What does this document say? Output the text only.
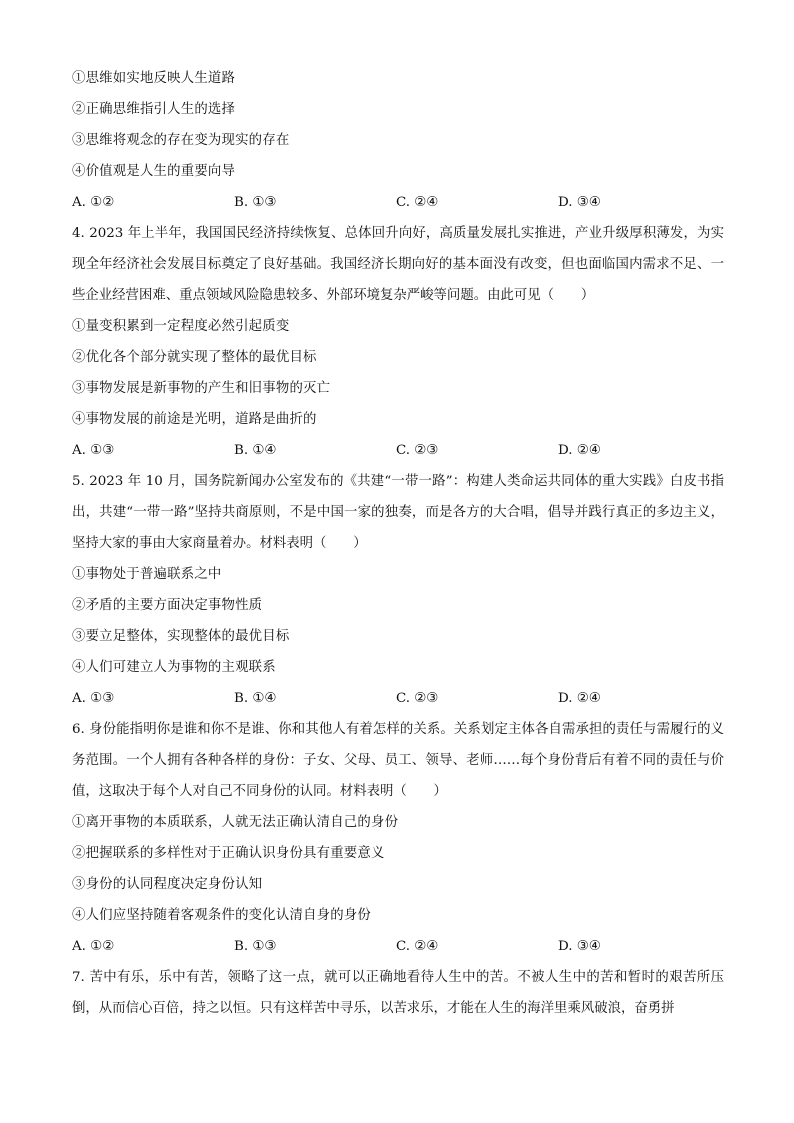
①思维如实地反映人生道路
②正确思维指引人生的选择
③思维将观念的存在变为现实的存在
④价值观是人生的重要向导
A. ①②	B. ①③	C. ②④	D. ③④
4. 2023 年上半年，我国国民经济持续恢复、总体回升向好，高质量发展扎实推进，产业升级厚积薄发，为实现全年经济社会发展目标奠定了良好基础。我国经济长期向好的基本面没有改变，但也面临国内需求不足、一些企业经营困难、重点领域风险隐患较多、外部环境复杂严峻等问题。由此可见（　　）
①量变积累到一定程度必然引起质变
②优化各个部分就实现了整体的最优目标
③事物发展是新事物的产生和旧事物的灭亡
④事物发展的前途是光明，道路是曲折的
A. ①③	B. ①④	C. ②③	D. ②④
5. 2023 年 10 月，国务院新闻办公室发布的《共建“一带一路”：构建人类命运共同体的重大实践》白皮书指出，共建“一带一路”坚持共商原则，不是中国一家的独奏，而是各方的大合唱，倡导并践行真正的多边主义，坚持大家的事由大家商量着办。材料表明（　　）
①事物处于普遍联系之中
②矛盾的主要方面决定事物性质
③要立足整体，实现整体的最优目标
④人们可建立人为事物的主观联系
A. ①③	B. ①④	C. ②③	D. ②④
6. 身份能指明你是谁和你不是谁、你和其他人有着怎样的关系。关系划定主体各自需承担的责任与需履行的义务范围。一个人拥有各种各样的身份：子女、父母、员工、领导、老师……每个身份背后有着不同的责任与价值，这取决于每个人对自己不同身份的认同。材料表明（　　）
①离开事物的本质联系，人就无法正确认清自己的身份
②把握联系的多样性对于正确认识身份具有重要意义
③身份的认同程度决定身份认知
④人们应坚持随着客观条件的变化认清自身的身份
A. ①②	B. ①③	C. ②④	D. ③④
7. 苦中有乐，乐中有苦，领略了这一点，就可以正确地看待人生中的苦。不被人生中的苦和暂时的艰苦所压倒，从而信心百倍，持之以恒。只有这样苦中寻乐，以苦求乐，才能在人生的海洋里乘风破浪，奋勇拼
